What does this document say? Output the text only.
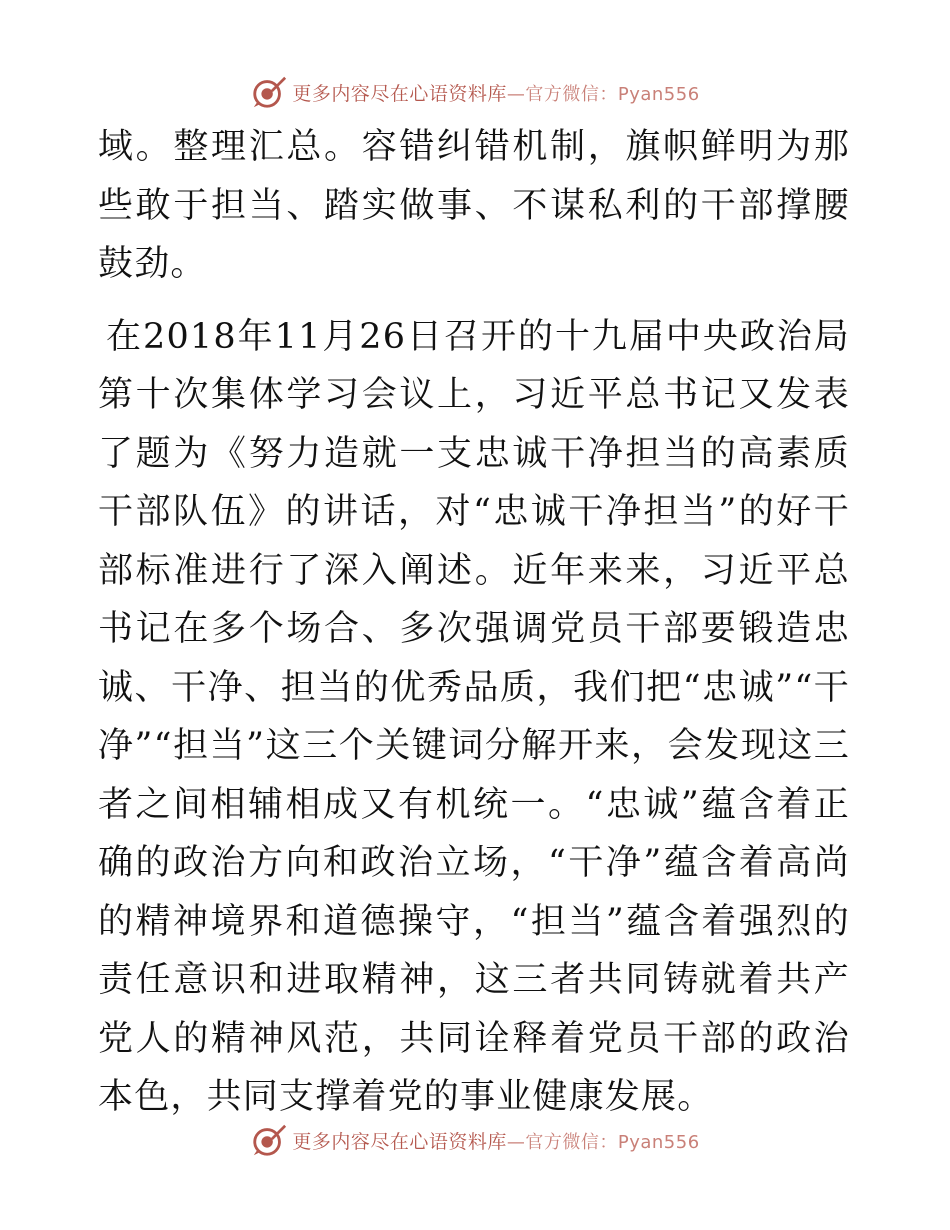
更多内容尽在心语资料库—官方微信：Pyan556

域。整理汇总。容错纠错机制，旗帜鲜明为那些敢于担当、踏实做事、不谋私利的干部撑腰鼓劲。

在2018年11月26日召开的十九届中央政治局第十次集体学习会议上，习近平总书记又发表了题为《努力造就一支忠诚干净担当的高素质干部队伍》的讲话，对“忠诚干净担当”的好干部标准进行了深入阐述。近年来来，习近平总书记在多个场合、多次强调党员干部要锻造忠诚、干净、担当的优秀品质，我们把“忠诚”“干净”“担当”这三个关键词分解开来，会发现这三者之间相辅相成又有机统一。“忠诚”蕴含着正确的政治方向和政治立场，“干净”蕴含着高尚的精神境界和道德操守，“担当”蕴含着强烈的责任意识和进取精神，这三者共同铸就着共产党人的精神风范，共同诠释着党员干部的政治本色，共同支撑着党的事业健康发展。

更多内容尽在心语资料库—官方微信：Pyan556
